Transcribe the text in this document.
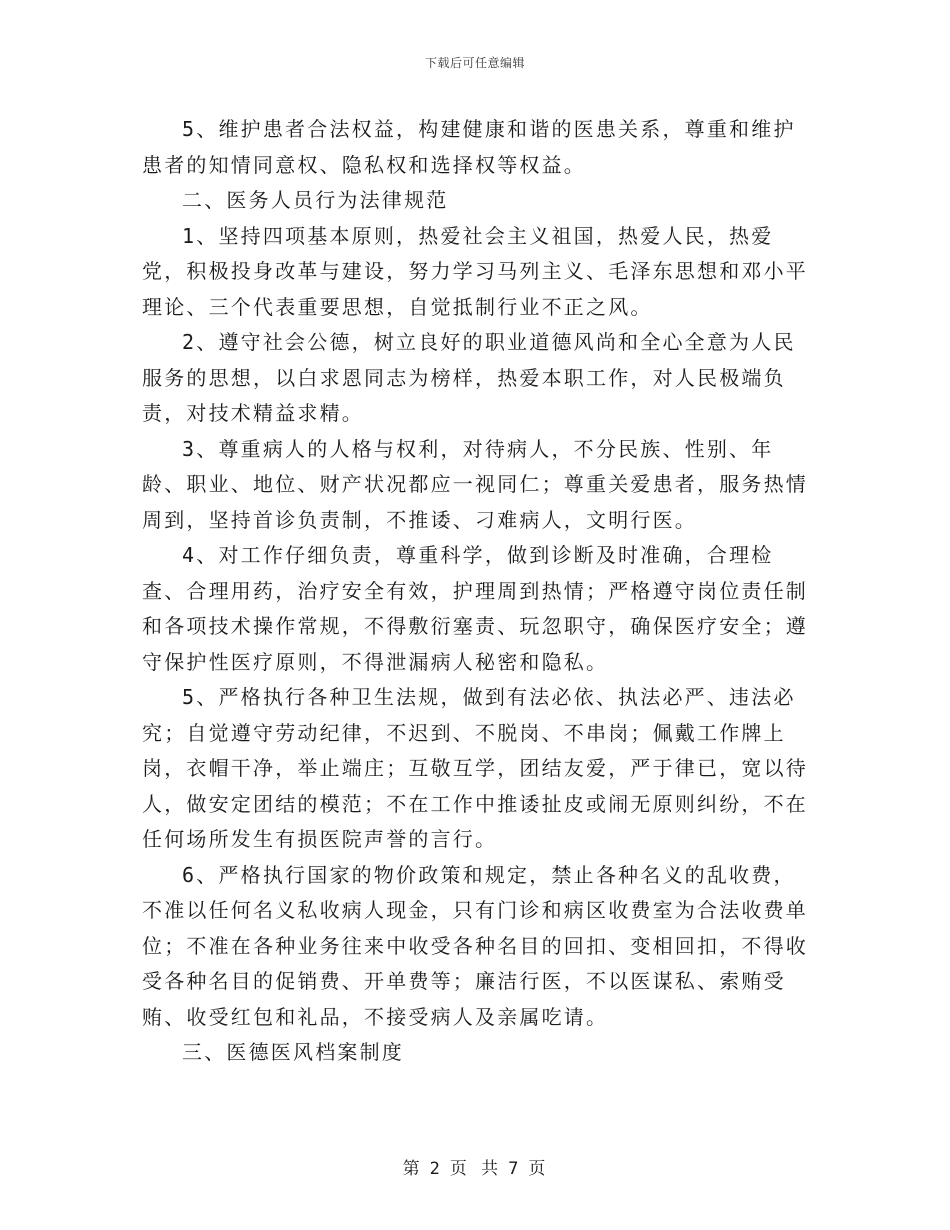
下载后可任意编辑

5、维护患者合法权益，构建健康和谐的医患关系，尊重和维护患者的知情同意权、隐私权和选择权等权益。

二、医务人员行为法律规范

1、坚持四项基本原则，热爱社会主义祖国，热爱人民，热爱党，积极投身改革与建设，努力学习马列主义、毛泽东思想和邓小平理论、三个代表重要思想，自觉抵制行业不正之风。

2、遵守社会公德，树立良好的职业道德风尚和全心全意为人民服务的思想，以白求恩同志为榜样，热爱本职工作，对人民极端负责，对技术精益求精。

3、尊重病人的人格与权利，对待病人，不分民族、性别、年龄、职业、地位、财产状况都应一视同仁；尊重关爱患者，服务热情周到，坚持首诊负责制，不推诿、刁难病人，文明行医。

4、对工作仔细负责，尊重科学，做到诊断及时准确，合理检查、合理用药，治疗安全有效，护理周到热情；严格遵守岗位责任制和各项技术操作常规，不得敷衍塞责、玩忽职守，确保医疗安全；遵守保护性医疗原则，不得泄漏病人秘密和隐私。

5、严格执行各种卫生法规，做到有法必依、执法必严、违法必究；自觉遵守劳动纪律，不迟到、不脱岗、不串岗；佩戴工作牌上岗，衣帽干净，举止端庄；互敬互学，团结友爱，严于律已，宽以待人，做安定团结的模范；不在工作中推诿扯皮或闹无原则纠纷，不在任何场所发生有损医院声誉的言行。

6、严格执行国家的物价政策和规定，禁止各种名义的乱收费，不准以任何名义私收病人现金，只有门诊和病区收费室为合法收费单位；不准在各种业务往来中收受各种名目的回扣、变相回扣，不得收受各种名目的促销费、开单费等；廉洁行医，不以医谋私、索贿受贿、收受红包和礼品，不接受病人及亲属吃请。

三、医德医风档案制度

第 2 页 共 7 页
